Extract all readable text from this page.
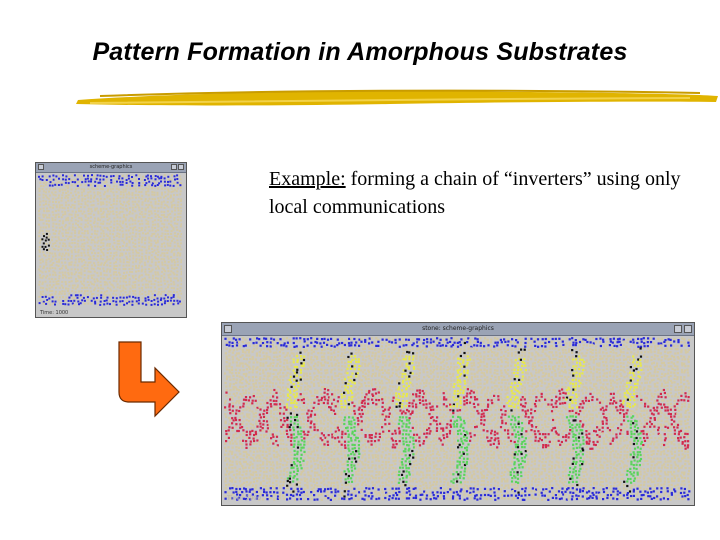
Pattern Formation in Amorphous Substrates
Example: forming a chain of “inverters” using only local communications
scheme-graphics
Time: 1000
stone: scheme-graphics
Time: 5000
